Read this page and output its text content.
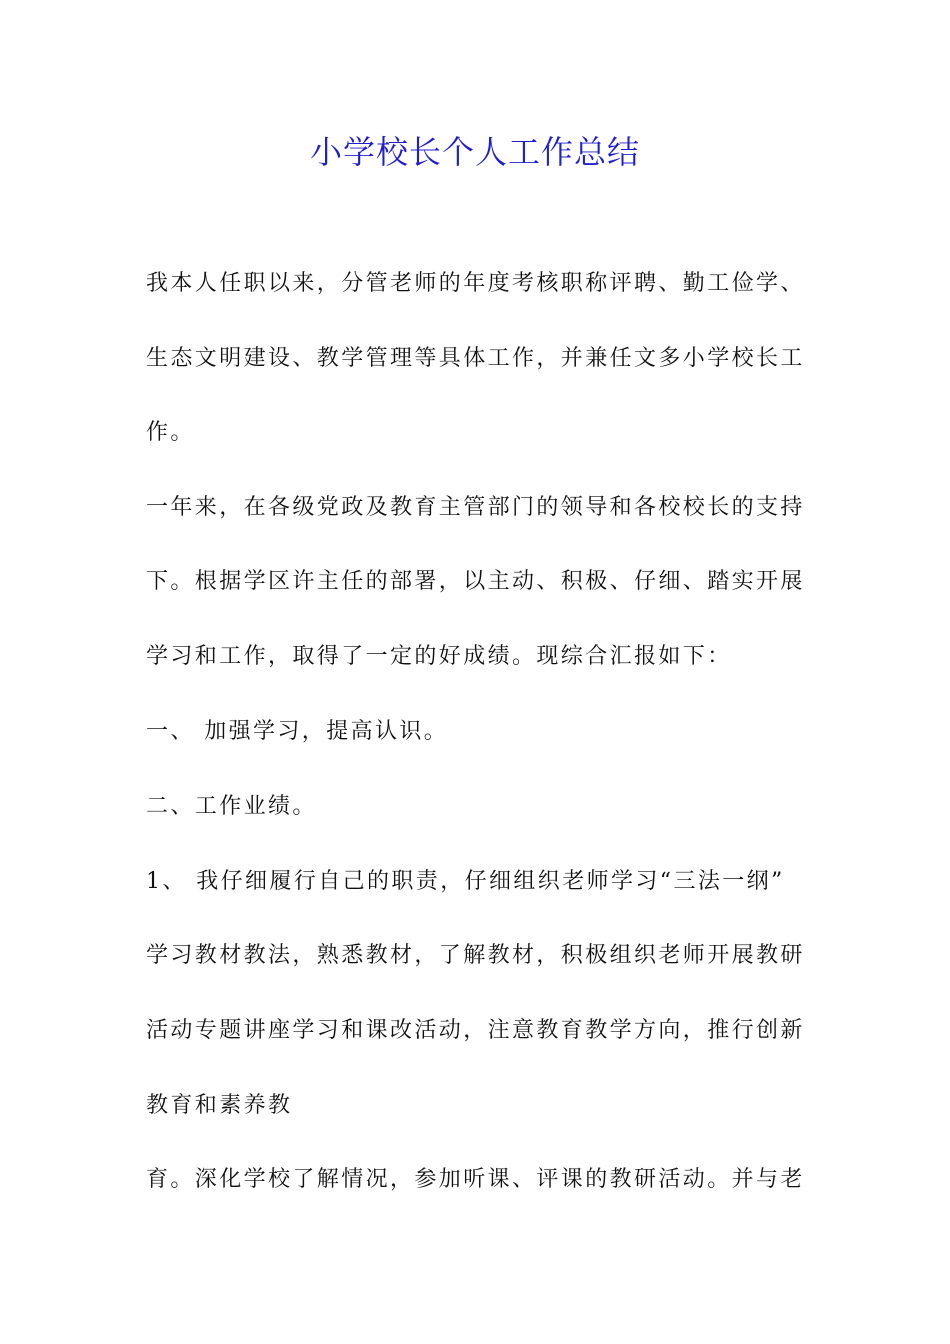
小学校长个人工作总结

我本人任职以来，分管老师的年度考核职称评聘、勤工俭学、

生态文明建设、教学管理等具体工作，并兼任文多小学校长工

作。

一年来，在各级党政及教育主管部门的领导和各校校长的支持

下。根据学区许主任的部署，以主动、积极、仔细、踏实开展

学习和工作，取得了一定的好成绩。现综合汇报如下：

一、 加强学习，提高认识。

二、工作业绩。

1、 我仔细履行自己的职责，仔细组织老师学习“三法一纲”

学习教材教法，熟悉教材，了解教材，积极组织老师开展教研

活动专题讲座学习和课改活动，注意教育教学方向，推行创新

教育和素养教

育。深化学校了解情况，参加听课、评课的教研活动。并与老
